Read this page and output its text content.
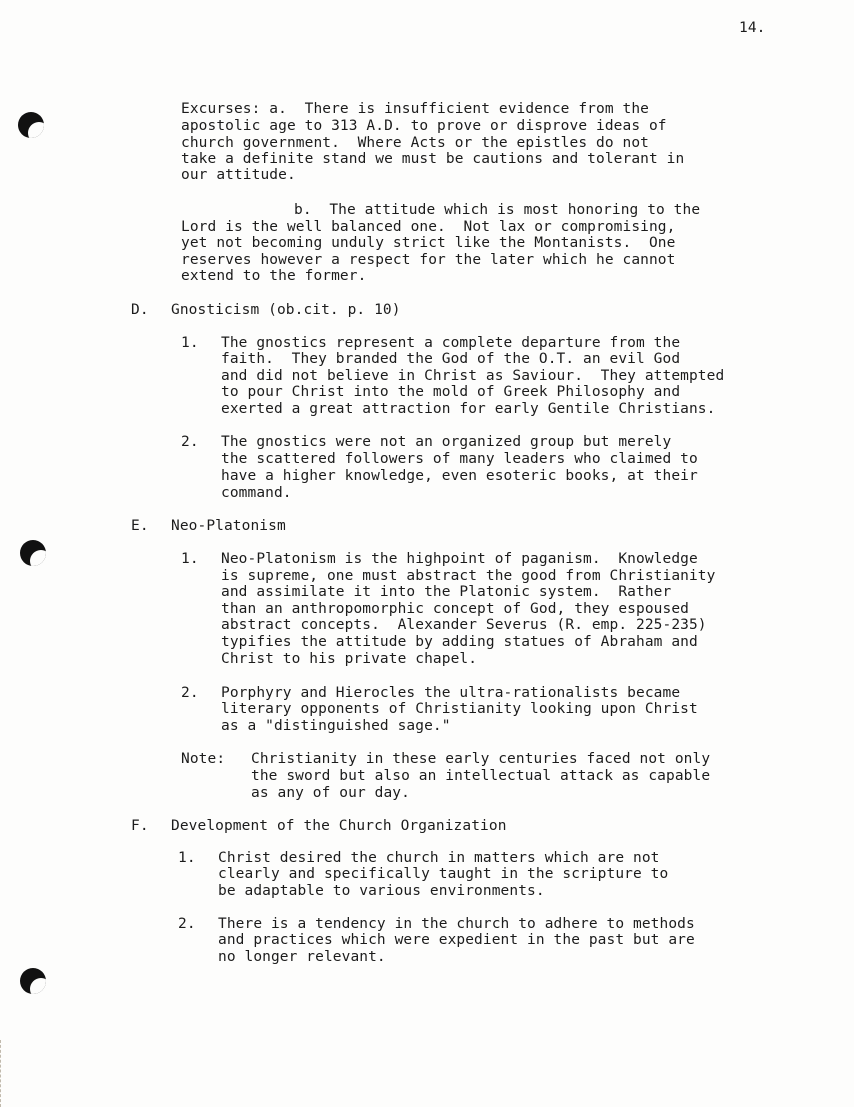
14.
Excurses: a.  There is insufficient evidence from the
apostolic age to 313 A.D. to prove or disprove ideas of
church government.  Where Acts or the epistles do not
take a definite stand we must be cautions and tolerant in
our attitude.
b.  The attitude which is most honoring to the
Lord is the well balanced one.  Not lax or compromising,
yet not becoming unduly strict like the Montanists.  One
reserves however a respect for the later which he cannot
extend to the former.
D. Gnosticism (ob.cit. p. 10)
1. The gnostics represent a complete departure from the
faith.  They branded the God of the O.T. an evil God
and did not believe in Christ as Saviour.  They attempted
to pour Christ into the mold of Greek Philosophy and
exerted a great attraction for early Gentile Christians.
2. The gnostics were not an organized group but merely
the scattered followers of many leaders who claimed to
have a higher knowledge, even esoteric books, at their
command.
E. Neo-Platonism
1. Neo-Platonism is the highpoint of paganism.  Knowledge
is supreme, one must abstract the good from Christianity
and assimilate it into the Platonic system.  Rather
than an anthropomorphic concept of God, they espoused
abstract concepts.  Alexander Severus (R. emp. 225-235)
typifies the attitude by adding statues of Abraham and
Christ to his private chapel.
2. Porphyry and Hierocles the ultra-rationalists became
literary opponents of Christianity looking upon Christ
as a "distinguished sage."
Note: Christianity in these early centuries faced not only
the sword but also an intellectual attack as capable
as any of our day.
F. Development of the Church Organization
1. Christ desired the church in matters which are not
clearly and specifically taught in the scripture to
be adaptable to various environments.
2. There is a tendency in the church to adhere to methods
and practices which were expedient in the past but are
no longer relevant.
